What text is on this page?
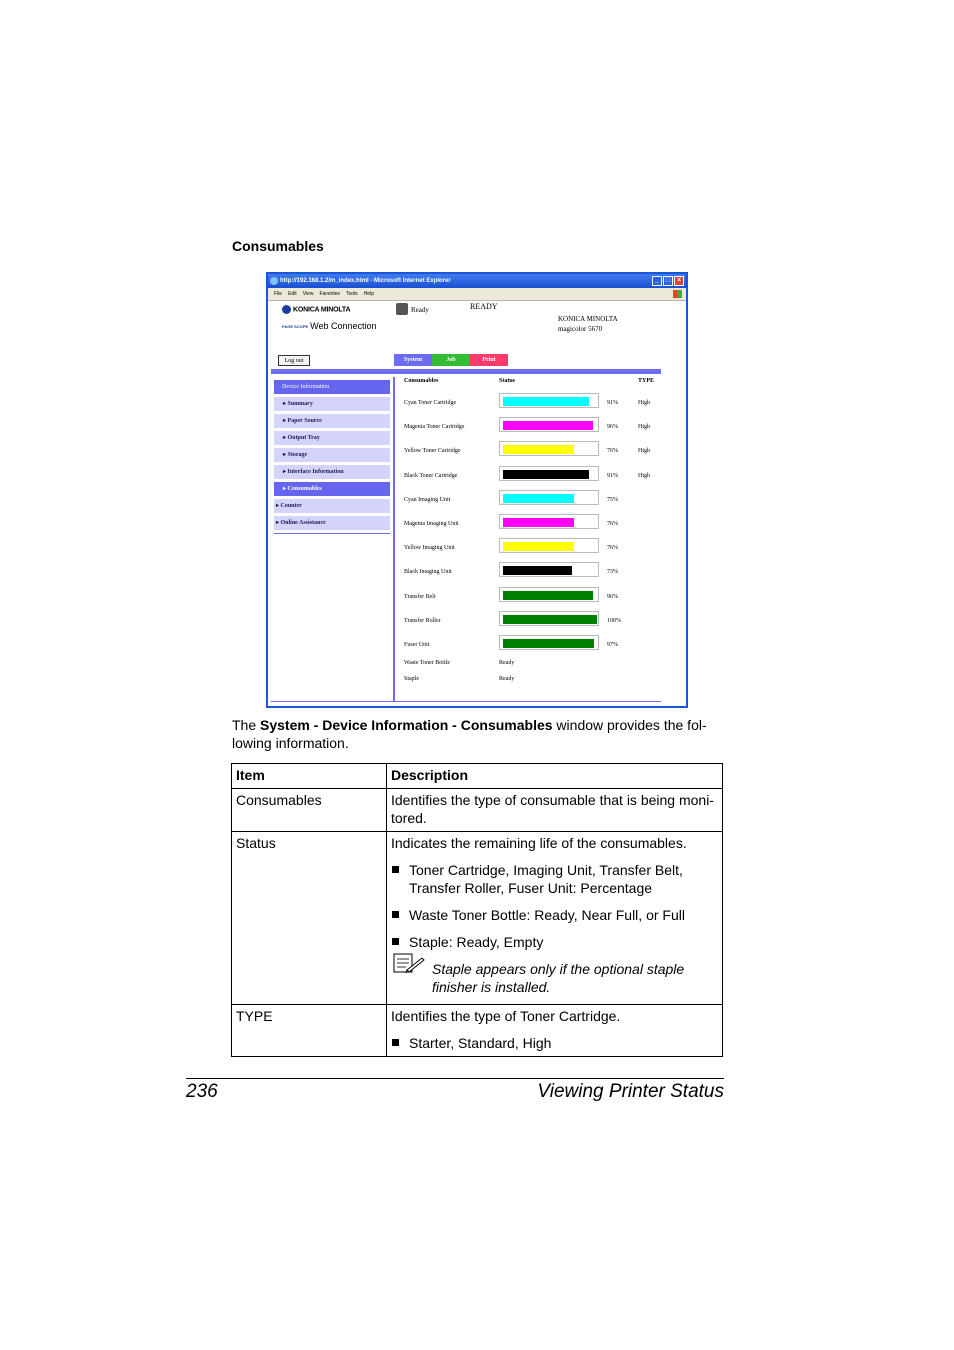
Consumables
http://192.168.1.2/m_index.html - Microsoft Internet Explorer	_ □ ×
File Edit View Favorites Tools Help
KONICA MINOLTA
PAGE SCOPE Web Connection
Ready	READY
KONICA MINOLTA
magicolor 5670
Log out	System	Job	Print
Device Information
▸ Summary
▸ Paper Source
▸ Output Tray
▸ Storage
▸ Interface Information
▸ Consumables
▸ Counter
▸ Online Assistance
Consumables	Status	TYPE
Cyan Toner Cartridge	91%	High
Magenta Toner Cartridge	96%	High
Yellow Toner Cartridge	76%	High
Black Toner Cartridge	91%	High
Cyan Imaging Unit	75%
Magenta Imaging Unit	76%
Yellow Imaging Unit	76%
Black Imaging Unit	73%
Transfer Belt	96%
Transfer Roller	100%
Fuser Unit	97%
Waste Toner Bottle	Ready
Staple	Ready
The System - Device Information - Consumables window provides the fol-lowing information.
Item	Description
Consumables	Identifies the type of consumable that is being moni-tored.
Status	Indicates the remaining life of the consumables.
Toner Cartridge, Imaging Unit, Transfer Belt, Transfer Roller, Fuser Unit: Percentage
Waste Toner Bottle: Ready, Near Full, or Full
Staple: Ready, Empty
Staple appears only if the optional staple finisher is installed.

TYPE	Identifies the type of Toner Cartridge.
Starter, Standard, High
236	Viewing Printer Status
